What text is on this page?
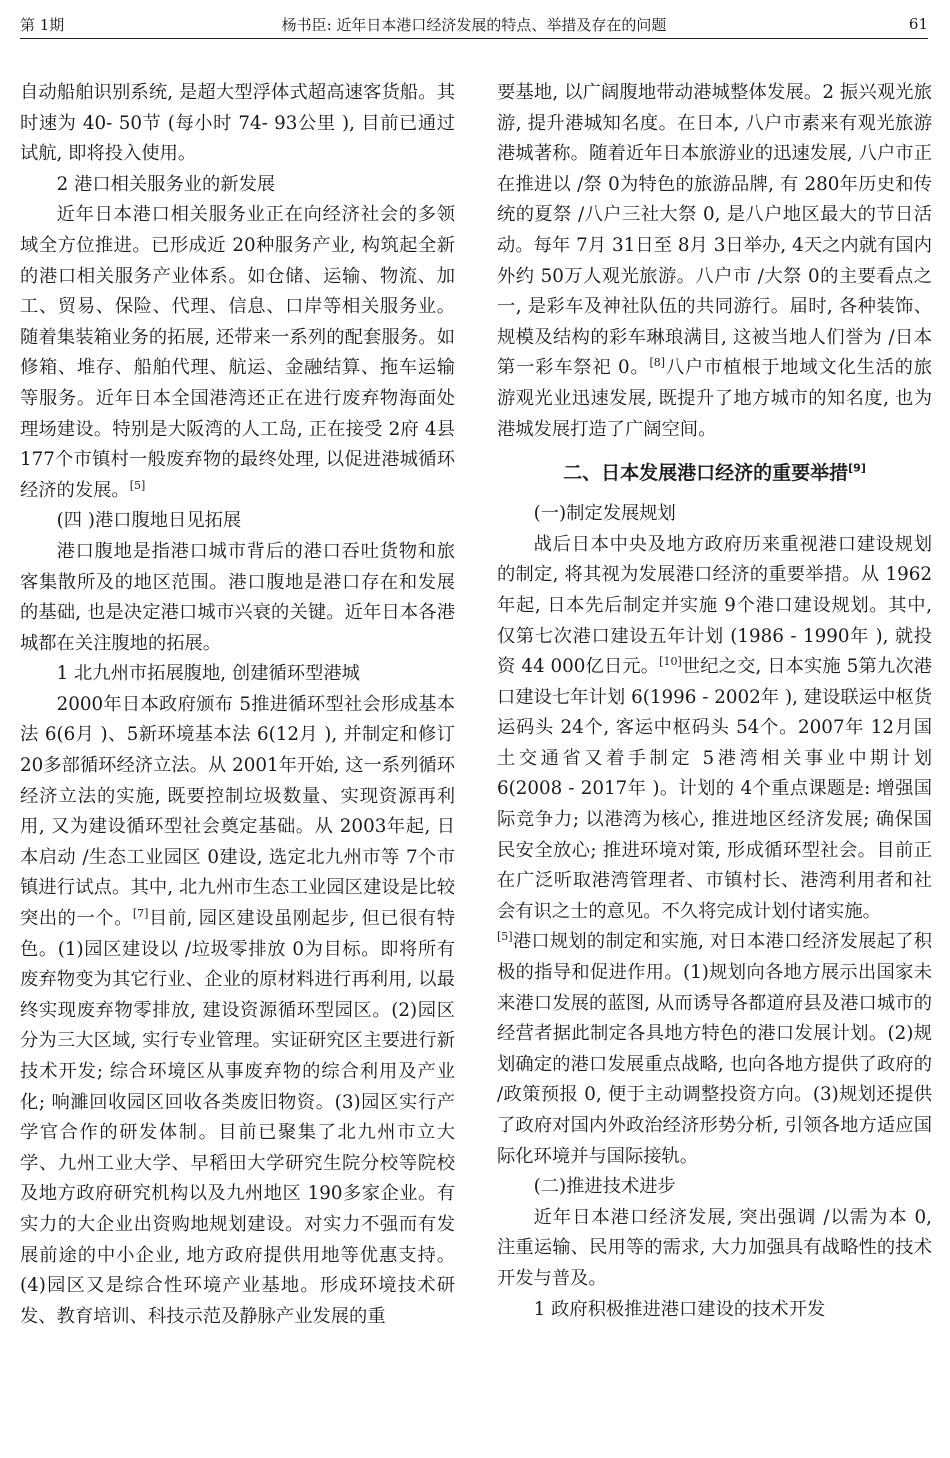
第 1期	杨书臣: 近年日本港口经济发展的特点、举措及存在的问题	61

自动船舶识别系统, 是超大型浮体式超高速客货船。其时速为 40- 50节 (每小时 74- 93公里 ), 目前已通过试航, 即将投入使用。

2 港口相关服务业的新发展

近年日本港口相关服务业正在向经济社会的多领域全方位推进。已形成近 20种服务产业, 构筑起全新的港口相关服务产业体系。如仓储、运输、物流、加工、贸易、保险、代理、信息、口岸等相关服务业。随着集装箱业务的拓展, 还带来一系列的配套服务。如修箱、堆存、船舶代理、航运、金融结算、拖车运输等服务。近年日本全国港湾还正在进行废弃物海面处理场建设。特别是大阪湾的人工岛, 正在接受 2府 4县 177个市镇村一般废弃物的最终处理, 以促进港城循环经济的发展。[5]

(四 )港口腹地日见拓展

港口腹地是指港口城市背后的港口吞吐货物和旅客集散所及的地区范围。港口腹地是港口存在和发展的基础, 也是决定港口城市兴衰的关键。近年日本各港城都在关注腹地的拓展。

1 北九州市拓展腹地, 创建循环型港城

2000年日本政府颁布 5推进循环型社会形成基本法 6(6月 )、5新环境基本法 6(12月 ), 并制定和修订 20多部循环经济立法。从 2001年开始, 这一系列循环经济立法的实施, 既要控制垃圾数量、实现资源再利用, 又为建设循环型社会奠定基础。从 2003年起, 日本启动 /生态工业园区 0建设, 选定北九州市等 7个市镇进行试点。其中, 北九州市生态工业园区建设是比较突出的一个。[7]目前, 园区建设虽刚起步, 但已很有特色。(1)园区建设以 /垃圾零排放 0为目标。即将所有废弃物变为其它行业、企业的原材料进行再利用, 以最终实现废弃物零排放, 建设资源循环型园区。(2)园区分为三大区域, 实行专业管理。实证研究区主要进行新技术开发; 综合环境区从事废弃物的综合利用及产业化; 响濉回收园区回收各类废旧物资。(3)园区实行产学官合作的研发体制。目前已聚集了北九州市立大学、九州工业大学、早稻田大学研究生院分校等院校及地方政府研究机构以及九州地区 190多家企业。有实力的大企业出资购地规划建设。对实力不强而有发展前途的中小企业, 地方政府提供用地等优惠支持。(4)园区又是综合性环境产业基地。形成环境技术研发、教育培训、科技示范及静脉产业发展的重

要基地, 以广阔腹地带动港城整体发展。2 振兴观光旅游, 提升港城知名度。在日本, 八户市素来有观光旅游港城著称。随着近年日本旅游业的迅速发展, 八户市正在推进以 /祭 0为特色的旅游品牌, 有 280年历史和传统的夏祭 /八户三社大祭 0, 是八户地区最大的节日活动。每年 7月 31日至 8月 3日举办, 4天之内就有国内外约 50万人观光旅游。八户市 /大祭 0的主要看点之一, 是彩车及神社队伍的共同游行。届时, 各种装饰、规模及结构的彩车琳琅满目, 这被当地人们誉为 /日本第一彩车祭祀 0。[8]八户市植根于地域文化生活的旅游观光业迅速发展, 既提升了地方城市的知名度, 也为港城发展打造了广阔空间。

二、日本发展港口经济的重要举措[9]

(一)制定发展规划

战后日本中央及地方政府历来重视港口建设规划的制定, 将其视为发展港口经济的重要举措。从 1962年起, 日本先后制定并实施 9个港口建设规划。其中, 仅第七次港口建设五年计划 (1986 - 1990年 ), 就投资 44 000亿日元。[10]世纪之交, 日本实施 5第九次港口建设七年计划 6(1996 - 2002年 ), 建设联运中枢货运码头 24个, 客运中枢码头 54个。2007年 12月国土交通省又着手制定 5港湾相关事业中期计划 6(2008 - 2017年 )。计划的 4个重点课题是: 增强国际竞争力; 以港湾为核心, 推进地区经济发展; 确保国民安全放心; 推进环境对策, 形成循环型社会。目前正在广泛听取港湾管理者、市镇村长、港湾利用者和社会有识之士的意见。不久将完成计划付诸实施。

[5]港口规划的制定和实施, 对日本港口经济发展起了积极的指导和促进作用。(1)规划向各地方展示出国家未来港口发展的蓝图, 从而诱导各都道府县及港口城市的经营者据此制定各具地方特色的港口发展计划。(2)规划确定的港口发展重点战略, 也向各地方提供了政府的 /政策预报 0, 便于主动调整投资方向。(3)规划还提供了政府对国内外政治经济形势分析, 引领各地方适应国际化环境并与国际接轨。

(二)推进技术进步

近年日本港口经济发展, 突出强调 /以需为本 0, 注重运输、民用等的需求, 大力加强具有战略性的技术开发与普及。

1 政府积极推进港口建设的技术开发
